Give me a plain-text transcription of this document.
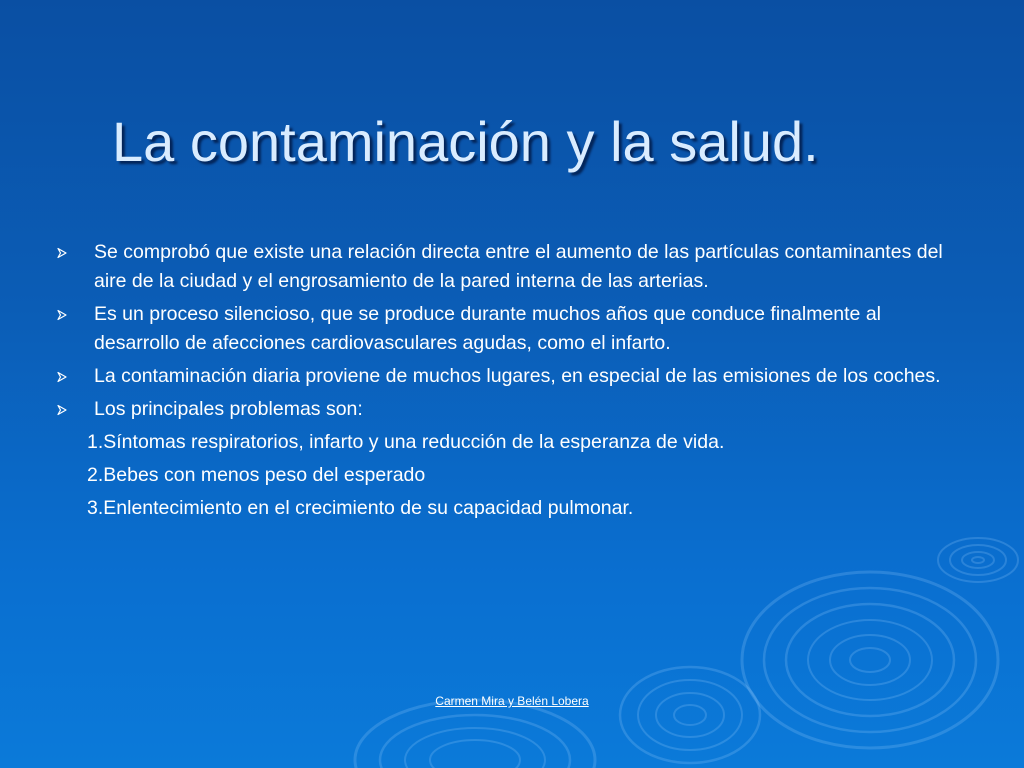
La contaminación y la salud.
Se comprobó que existe una relación directa entre el aumento de las partículas contaminantes del aire de la ciudad y el engrosamiento de la pared interna de las arterias.
Es un proceso silencioso, que se produce durante muchos años que conduce finalmente al desarrollo de afecciones cardiovasculares agudas, como el infarto.
La contaminación diaria proviene de muchos lugares, en especial de las emisiones de los coches.
Los principales problemas son:
1.Síntomas respiratorios, infarto y una reducción de la esperanza de vida.
2.Bebes con menos peso del esperado
3.Enlentecimiento en el crecimiento de su capacidad pulmonar.
Carmen Mira y Belén Lobera
